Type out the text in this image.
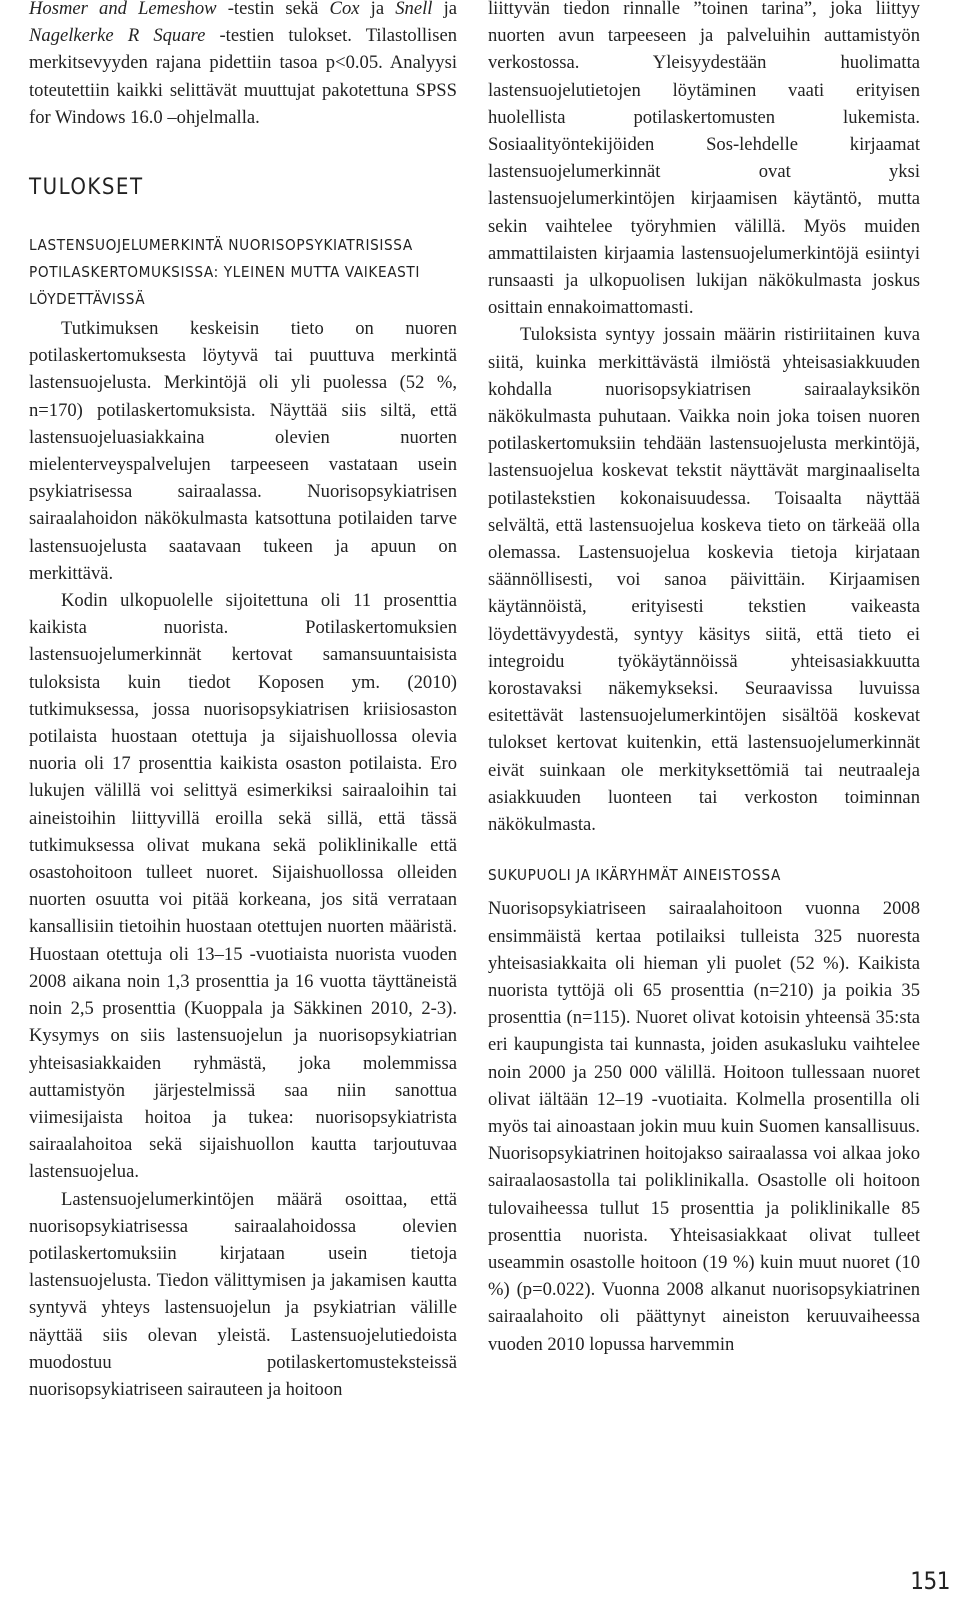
Hosmer and Lemeshow -testin sekä Cox ja Snell ja Nagelkerke R Square -testien tulokset. Tilastollisen merkitsevyyden rajana pidettiin tasoa p<0.05. Analyysi toteutettiin kaikki selittävät muuttujat pakotettuna SPSS for Windows 16.0 –ohjelmalla.

TULOKSET
LASTENSUOJELUMERKINTÄ NUORISOPSYKIATRISISSA POTILASKERTOMUKSISSA: YLEINEN MUTTA VAIKEASTI LÖYDETTÄVISSÄ

Tutkimuksen keskeisin tieto on nuoren potilaskertomuksesta löytyvä tai puuttuva merkintä lastensuojelusta. Merkintöjä oli yli puolessa (52 %, n=170) potilaskertomuksista. Näyttää siis siltä, että lastensuojeluasiakkaina olevien nuorten mielenterveyspalvelujen tarpeeseen vastataan usein psykiatrisessa sairaalassa. Nuorisopsykiatrisen sairaalahoidon näkökulmasta katsottuna potilaiden tarve lastensuojelusta saatavaan tukeen ja apuun on merkittävä.

Kodin ulkopuolelle sijoitettuna oli 11 prosenttia kaikista nuorista. Potilaskertomuksien lastensuojelumerkinnät kertovat samansuuntaisista tuloksista kuin tiedot Koposen ym. (2010) tutkimuksessa, jossa nuorisopsykiatrisen kriisiosaston potilaista huostaan otettuja ja sijaishuollossa olevia nuoria oli 17 prosenttia kaikista osaston potilaista. Ero lukujen välillä voi selittyä esimerkiksi sairaaloihin tai aineistoihin liittyvillä eroilla sekä sillä, että tässä tutkimuksessa olivat mukana sekä poliklinikalle että osastohoitoon tulleet nuoret. Sijaishuollossa olleiden nuorten osuutta voi pitää korkeana, jos sitä verrataan kansallisiin tietoihin huostaan otettujen nuorten määristä. Huostaan otettuja oli 13–15 -vuotiaista nuorista vuoden 2008 aikana noin 1,3 prosenttia ja 16 vuotta täyttäneistä noin 2,5 prosenttia (Kuoppala ja Säkkinen 2010, 2-3). Kysymys on siis lastensuojelun ja nuorisopsykiatrian yhteisasiakkaiden ryhmästä, joka molemmissa auttamistyön järjestelmissä saa niin sanottua viimesijaista hoitoa ja tukea: nuorisopsykiatrista sairaalahoitoa sekä sijaishuollon kautta tarjoutuvaa lastensuojelua.

Lastensuojelumerkintöjen määrä osoittaa, että nuorisopsykiatrisessa sairaalahoidossa olevien potilaskertomuksiin kirjataan usein tietoja lastensuojelusta. Tiedon välittymisen ja jakamisen kautta syntyvä yhteys lastensuojelun ja psykiatrian välille näyttää siis olevan yleistä. Lastensuojelutiedoista muodostuu potilaskertomusteksteissä nuorisopsykiatriseen sairauteen ja hoitoon

liittyvän tiedon rinnalle ”toinen tarina”, joka liittyy nuorten avun tarpeeseen ja palveluihin auttamistyön verkostossa. Yleisyydestään huolimatta lastensuojelutietojen löytäminen vaati erityisen huolellista potilaskertomusten lukemista. Sosiaalityöntekijöiden Sos-lehdelle kirjaamat lastensuojelumerkinnät ovat yksi lastensuojelumerkintöjen kirjaamisen käytäntö, mutta sekin vaihtelee työryhmien välillä. Myös muiden ammattilaisten kirjaamia lastensuojelumerkintöjä esiintyi runsaasti ja ulkopuolisen lukijan näkökulmasta joskus osittain ennakoimattomasti.

Tuloksista syntyy jossain määrin ristiriitainen kuva siitä, kuinka merkittävästä ilmiöstä yhteisasiakkuuden kohdalla nuorisopsykiatrisen sairaalayksikön näkökulmasta puhutaan. Vaikka noin joka toisen nuoren potilaskertomuksiin tehdään lastensuojelusta merkintöjä, lastensuojelua koskevat tekstit näyttävät marginaaliselta potilastekstien kokonaisuudessa. Toisaalta näyttää selvältä, että lastensuojelua koskeva tieto on tärkeää olla olemassa. Lastensuojelua koskevia tietoja kirjataan säännöllisesti, voi sanoa päivittäin. Kirjaamisen käytännöistä, erityisesti tekstien vaikeasta löydettävyydestä, syntyy käsitys siitä, että tieto ei integroidu työkäytännöissä yhteisasiakkuutta korostavaksi näkemykseksi. Seuraavissa luvuissa esitettävät lastensuojelumerkintöjen sisältöä koskevat tulokset kertovat kuitenkin, että lastensuojelumerkinnät eivät suinkaan ole merkityksettömiä tai neutraaleja asiakkuuden luonteen tai verkoston toiminnan näkökulmasta.

SUKUPUOLI JA IKÄRYHMÄT AINEISTOSSA

Nuorisopsykiatriseen sairaalahoitoon vuonna 2008 ensimmäistä kertaa potilaiksi tulleista 325 nuoresta yhteisasiakkaita oli hieman yli puolet (52 %). Kaikista nuorista tyttöjä oli 65 prosenttia (n=210) ja poikia 35 prosenttia (n=115). Nuoret olivat kotoisin yhteensä 35:sta eri kaupungista tai kunnasta, joiden asukasluku vaihtelee noin 2000 ja 250 000 välillä. Hoitoon tullessaan nuoret olivat iältään 12–19 -vuotiaita. Kolmella prosentilla oli myös tai ainoastaan jokin muu kuin Suomen kansallisuus. Nuorisopsykiatrinen hoitojakso sairaalassa voi alkaa joko sairaalaosastolla tai poliklinikalla. Osastolle oli hoitoon tulovaiheessa tullut 15 prosenttia ja poliklinikalle 85 prosenttia nuorista. Yhteisasiakkaat olivat tulleet useammin osastolle hoitoon (19 %) kuin muut nuoret (10 %) (p=0.022). Vuonna 2008 alkanut nuorisopsykiatrinen sairaalahoito oli päättynyt aineiston keruuvaiheessa vuoden 2010 lopussa harvemmin

151
